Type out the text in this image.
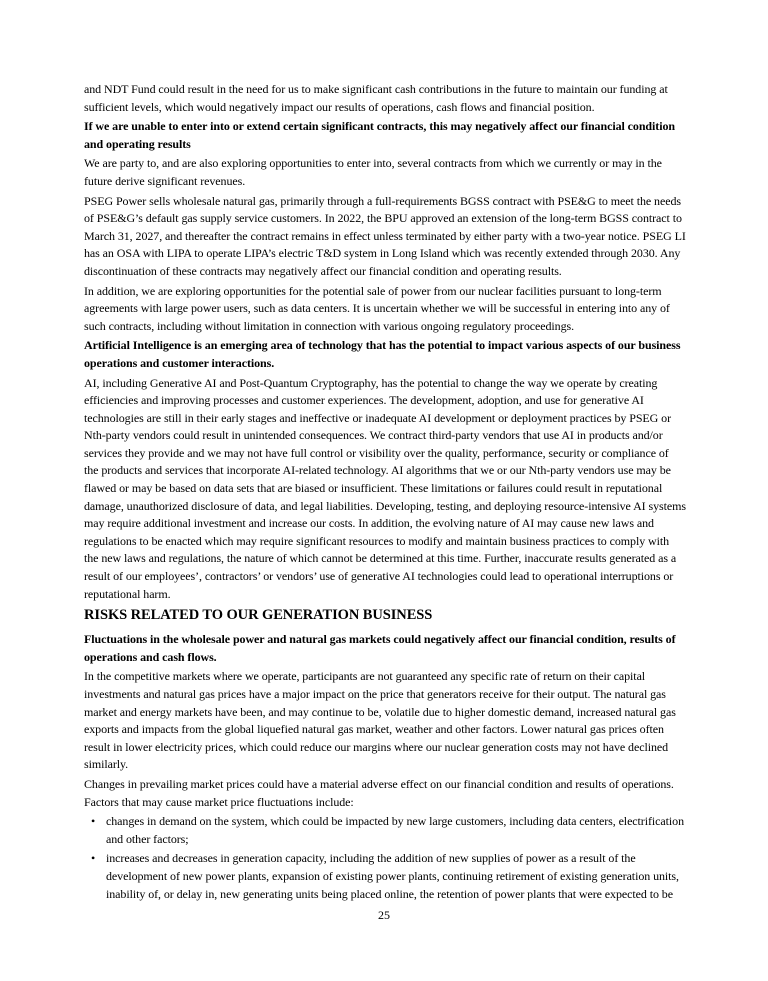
and NDT Fund could result in the need for us to make significant cash contributions in the future to maintain our funding at sufficient levels, which would negatively impact our results of operations, cash flows and financial position.

If we are unable to enter into or extend certain significant contracts, this may negatively affect our financial condition and operating results

We are party to, and are also exploring opportunities to enter into, several contracts from which we currently or may in the future derive significant revenues.

PSEG Power sells wholesale natural gas, primarily through a full-requirements BGSS contract with PSE&G to meet the needs of PSE&G’s default gas supply service customers. In 2022, the BPU approved an extension of the long-term BGSS contract to March 31, 2027, and thereafter the contract remains in effect unless terminated by either party with a two-year notice. PSEG LI has an OSA with LIPA to operate LIPA’s electric T&D system in Long Island which was recently extended through 2030. Any discontinuation of these contracts may negatively affect our financial condition and operating results.

In addition, we are exploring opportunities for the potential sale of power from our nuclear facilities pursuant to long-term agreements with large power users, such as data centers. It is uncertain whether we will be successful in entering into any of such contracts, including without limitation in connection with various ongoing regulatory proceedings.

Artificial Intelligence is an emerging area of technology that has the potential to impact various aspects of our business operations and customer interactions.

AI, including Generative AI and Post-Quantum Cryptography, has the potential to change the way we operate by creating efficiencies and improving processes and customer experiences. The development, adoption, and use for generative AI technologies are still in their early stages and ineffective or inadequate AI development or deployment practices by PSEG or Nth-party vendors could result in unintended consequences. We contract third-party vendors that use AI in products and/or services they provide and we may not have full control or visibility over the quality, performance, security or compliance of the products and services that incorporate AI-related technology. AI algorithms that we or our Nth-party vendors use may be flawed or may be based on data sets that are biased or insufficient. These limitations or failures could result in reputational damage, unauthorized disclosure of data, and legal liabilities. Developing, testing, and deploying resource-intensive AI systems may require additional investment and increase our costs. In addition, the evolving nature of AI may cause new laws and regulations to be enacted which may require significant resources to modify and maintain business practices to comply with the new laws and regulations, the nature of which cannot be determined at this time. Further, inaccurate results generated as a result of our employees’, contractors’ or vendors’ use of generative AI technologies could lead to operational interruptions or reputational harm.

RISKS RELATED TO OUR GENERATION BUSINESS

Fluctuations in the wholesale power and natural gas markets could negatively affect our financial condition, results of operations and cash flows.

In the competitive markets where we operate, participants are not guaranteed any specific rate of return on their capital investments and natural gas prices have a major impact on the price that generators receive for their output. The natural gas market and energy markets have been, and may continue to be, volatile due to higher domestic demand, increased natural gas exports and impacts from the global liquefied natural gas market, weather and other factors. Lower natural gas prices often result in lower electricity prices, which could reduce our margins where our nuclear generation costs may not have declined similarly.

Changes in prevailing market prices could have a material adverse effect on our financial condition and results of operations. Factors that may cause market price fluctuations include:

• changes in demand on the system, which could be impacted by new large customers, including data centers, electrification and other factors;
• increases and decreases in generation capacity, including the addition of new supplies of power as a result of the development of new power plants, expansion of existing power plants, continuing retirement of existing generation units, inability of, or delay in, new generating units being placed online, the retention of power plants that were expected to be
25
